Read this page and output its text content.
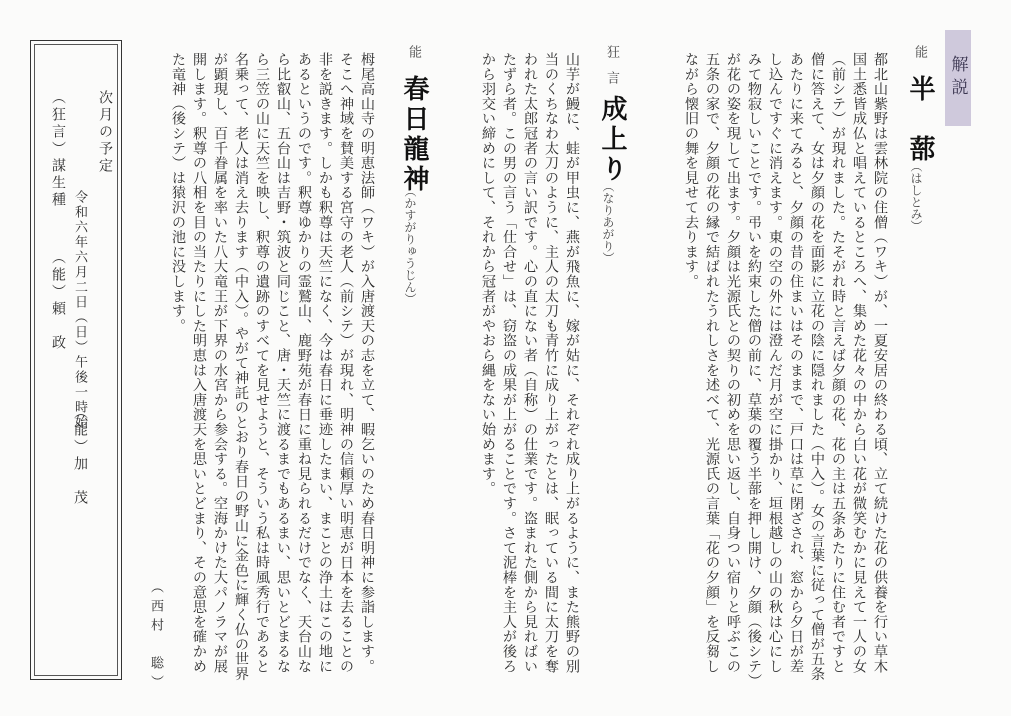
解説
能
半　蔀
（はしとみ）

都北山紫野は雲林院の住僧（ワキ）が、一夏安居の終わる頃、立て続けた花の供養を行い草木国土悉皆成仏と唱えているところへ、集めた花々の中から白い花が微笑むかに見えて一人の女（前シテ）が現れました。たそがれ時と言えば夕顔の花、花の主は五条あたりに住む者ですと僧に答えて、女は夕顔の花を面影に立花の陰に隠れました（中入）。女の言葉に従って僧が五条あたりに来てみると、夕顔の昔の住まいはそのままで、戸口は草に閉ざされ、窓から夕日が差し込んですぐに消えます。東の空の外には澄んだ月が空に掛かり、垣根越しの山の秋は心にしみて物寂しいことです。弔いを約束した僧の前に、草葉の覆う半蔀を押し開け、夕顔（後シテ）が花の姿を現して出ます。夕顔は光源氏との契りの初めを思い返し、自身つい宿りと呼ぶこの五条の家で、夕顔の花の縁で結ばれたうれしさを述べて、光源氏の言葉「花の夕顔」を反芻しながら懐旧の舞を見せて去ります。

狂　言
成上り
（なりあがり）

山芋が鰻に、蛙が甲虫に、燕が飛魚に、嫁が姑に、それぞれ成り上がるように、また熊野の別当のくちなわ太刀のように、主人の太刀も青竹に成り上がったとは、眠っている間に太刀を奪われた太郎冠者の言い訳です。心の直にない者（自称）の仕業です。盗まれた側から見ればいたずら者。この男の言う「仕合せ」は、窃盗の成果が上がることです。さて泥棒を主人が後ろから羽交い締めにして、それから冠者がやおら縄をない始めます。

能
春日龍神
（かすがりゅうじん）

栂尾高山寺の明恵法師（ワキ）が入唐渡天の志を立て、暇乞いのため春日明神に参詣します。そこへ神域を賛美する宮守の老人（前シテ）が現れ、明神の信頼厚い明恵が日本を去ることの非を説きます。しかも釈尊は天竺になく、今は春日に垂迹したまい、まことの浄土はこの地にあるというのです。釈尊ゆかりの霊鷲山、鹿野苑が春日に重ね見られるだけでなく、天台山なら比叡山、五台山は吉野・筑波と同じこと、唐・天竺に渡るまでもあるまい、思いとどまるなら三笠の山に天竺を映し、釈尊の遺跡のすべてを見せようと、そういう私は時風秀行であると名乗って、老人は消え去ります（中入）。やがて神託のとおり春日の野山に金色に輝く仏の世界が顕現し、百千眷属を率いた八大竜王が下界の水宮から参会する。空海かけた大パノラマが展開します。釈尊の八相を目の当たりにした明恵は入唐渡天を思いとどまり、その意思を確かめた竜神（後シテ）は猿沢の池に没します。

（西村　聡）
次月の予定
令和六年六月二日（日）午後一時始
（能）加　茂
（狂言）謀生種
（能）頼　政
